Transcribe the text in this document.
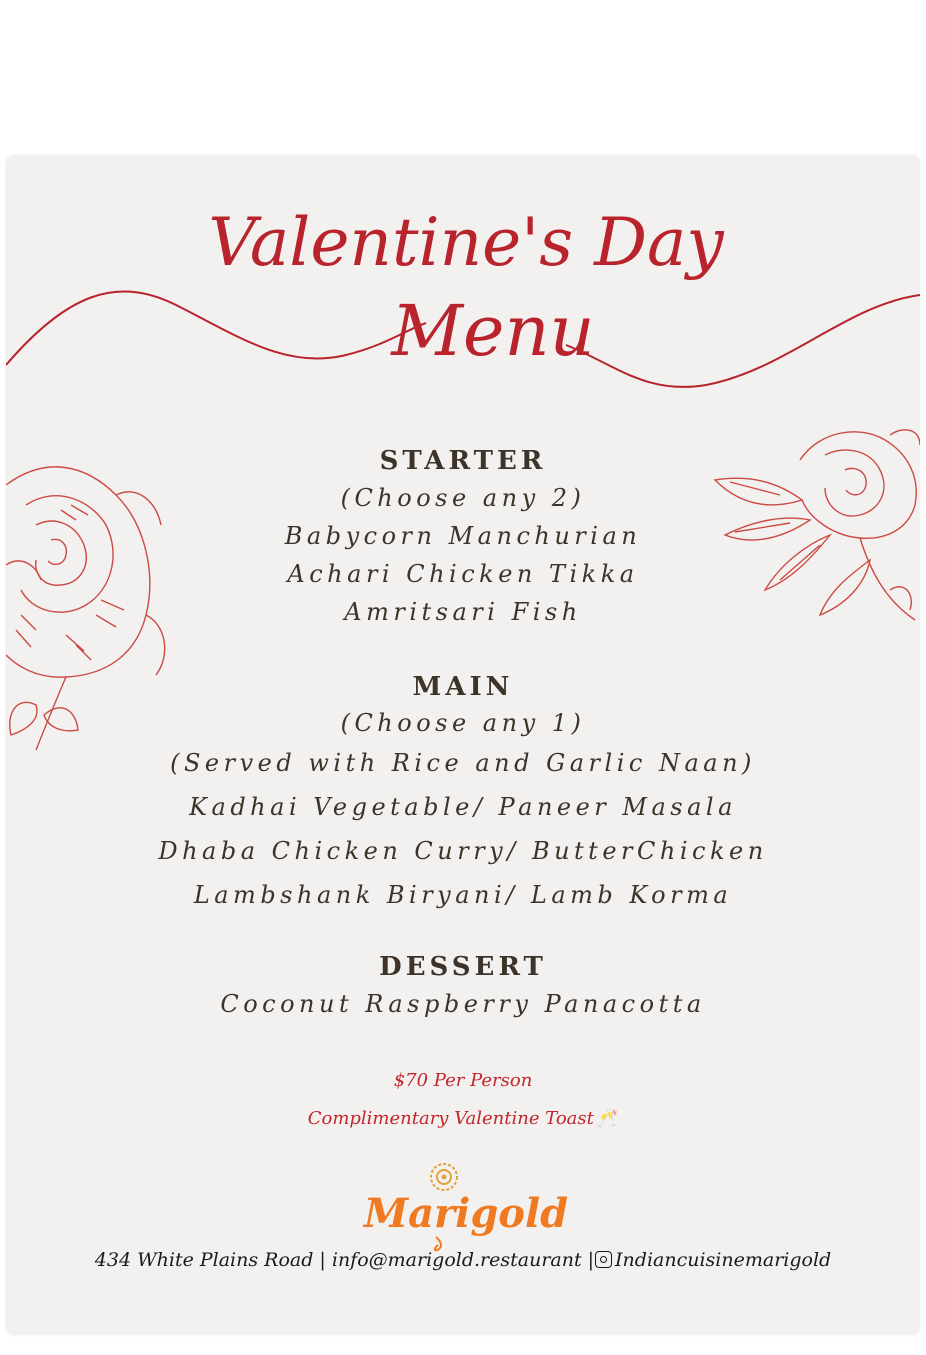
Valentine's Day
Menu
STARTER
(Choose any 2)
Babycorn Manchurian
Achari Chicken Tikka
Amritsari Fish
MAIN
(Choose any 1)
(Served with Rice and Garlic Naan)
Kadhai Vegetable/ Paneer Masala
Dhaba Chicken Curry/ ButterChicken
Lambshank Biryani/ Lamb Korma
DESSERT
Coconut Raspberry Panacotta
$70 Per Person
Complimentary Valentine Toast 🥂
Marigold
434 White Plains Road | info@marigold.restaurant | Indiancuisinemarigold
